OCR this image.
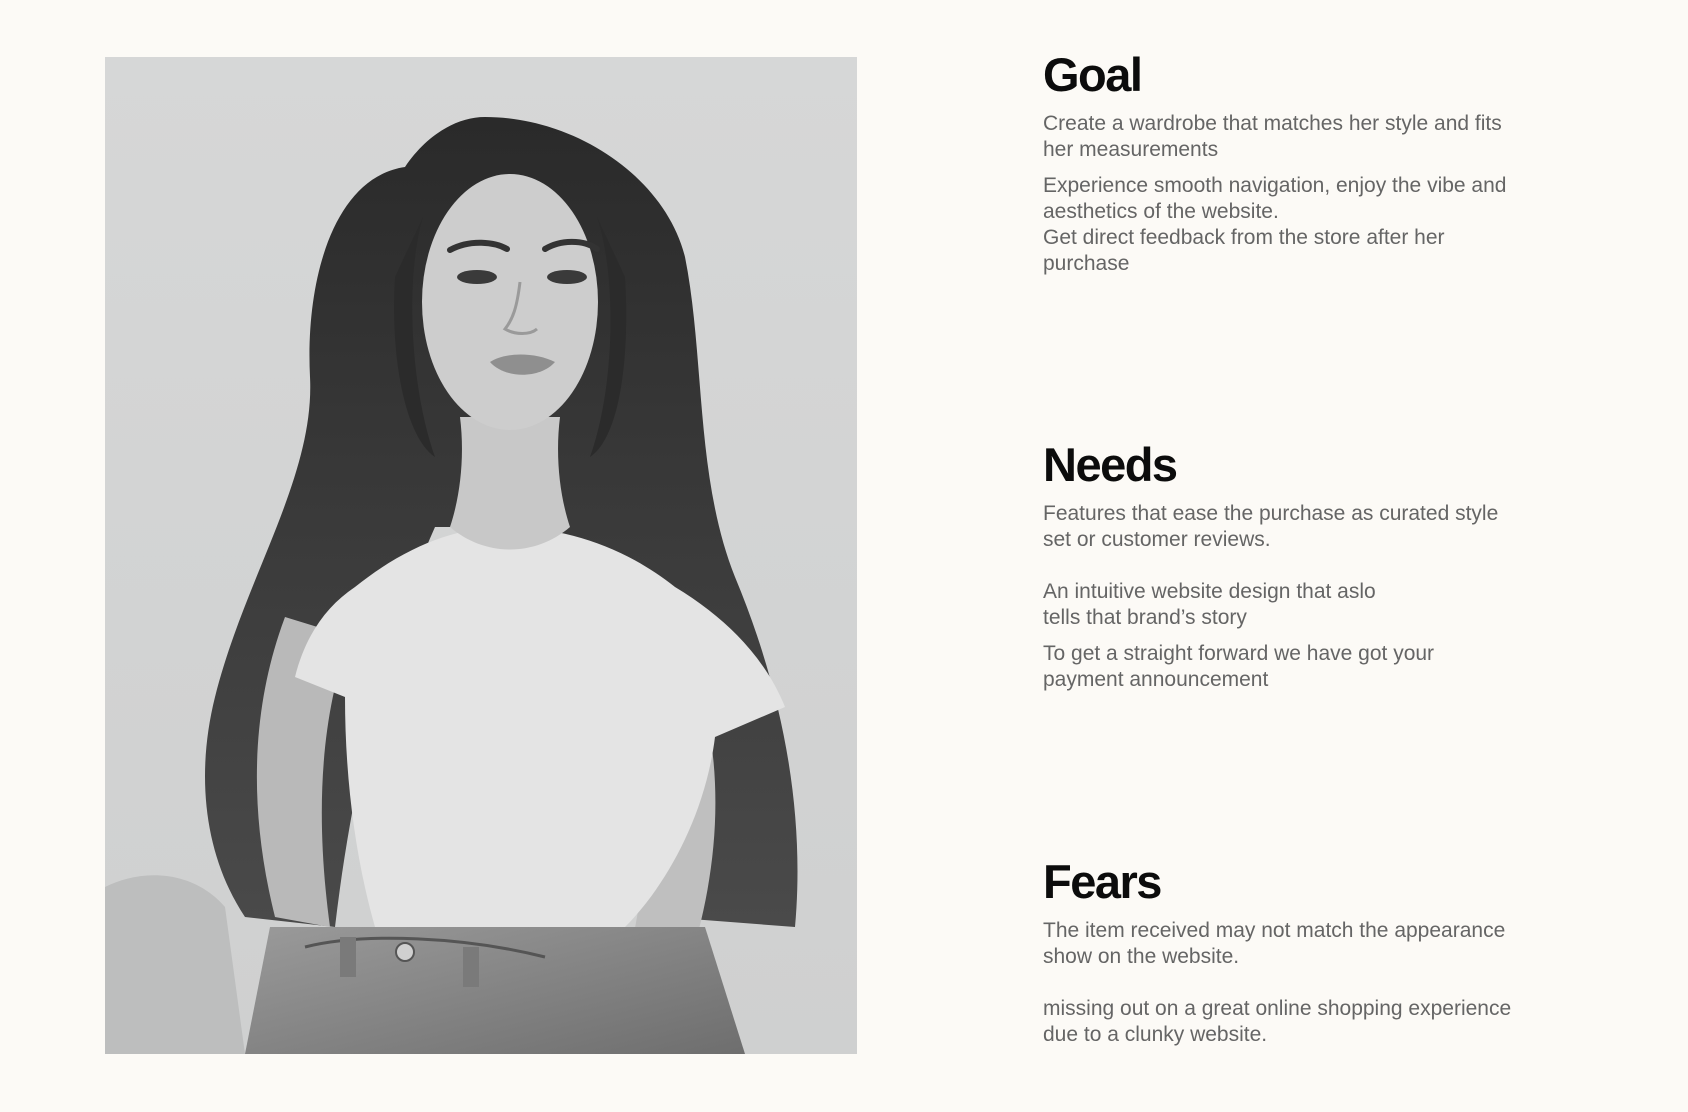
Goal

Create a wardrobe that matches her style and fits
her measurements

Experience smooth navigation, enjoy the vibe and
aesthetics of the website.
Get direct feedback from the store after her
purchase

Needs

Features that ease the purchase as curated style
set or customer reviews.

An intuitive website design that aslo
tells that brand’s story

To get a straight forward we have got your
payment announcement

Fears

The item received may not match the appearance
show on the website.

missing out on a great online shopping experience
due to a clunky website.
